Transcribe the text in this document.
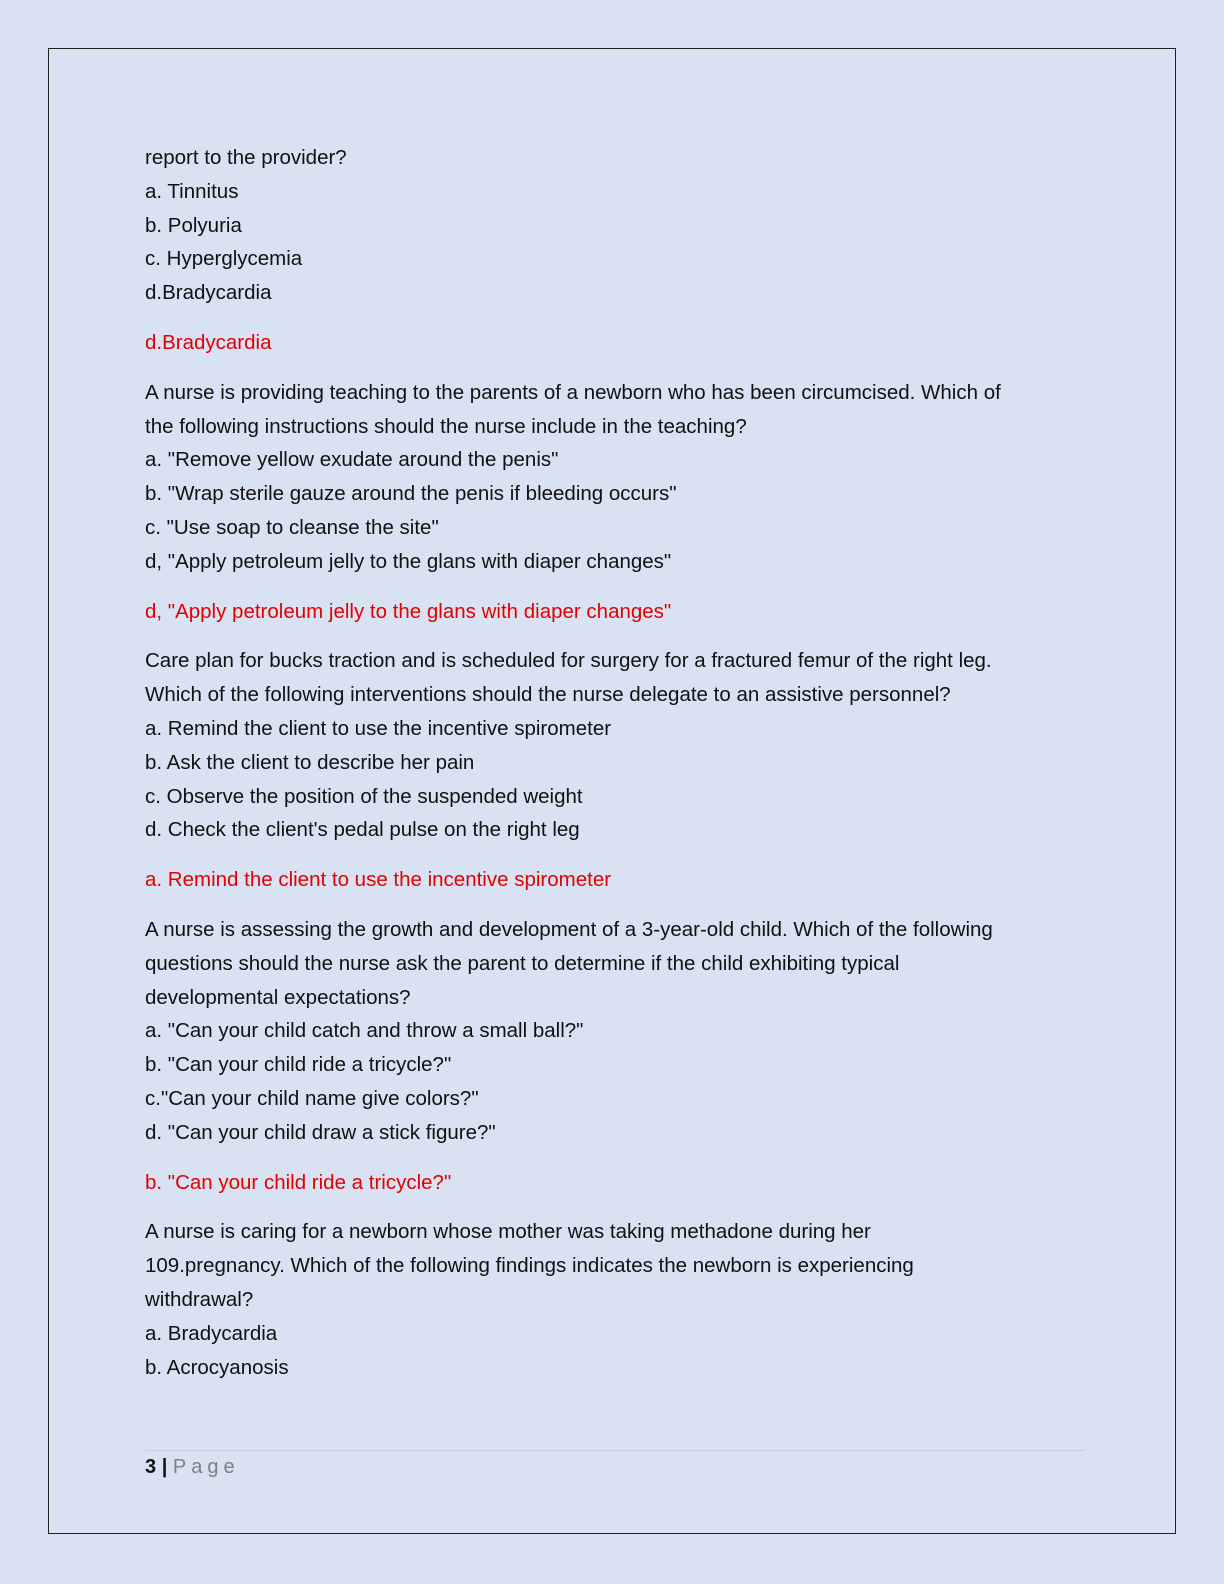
report to the provider?
a. Tinnitus
b. Polyuria
c. Hyperglycemia
d.Bradycardia
d.Bradycardia
A nurse is providing teaching to the parents of a newborn who has been circumcised. Which of
the following instructions should the nurse include in the teaching?
a. "Remove yellow exudate around the penis"
b. "Wrap sterile gauze around the penis if bleeding occurs"
c. "Use soap to cleanse the site"
d, "Apply petroleum jelly to the glans with diaper changes"
d, "Apply petroleum jelly to the glans with diaper changes"
Care plan for bucks traction and is scheduled for surgery for a fractured femur of the right leg.
Which of the following interventions should the nurse delegate to an assistive personnel?
a. Remind the client to use the incentive spirometer
b. Ask the client to describe her pain
c. Observe the position of the suspended weight
d. Check the client's pedal pulse on the right leg
a. Remind the client to use the incentive spirometer
A nurse is assessing the growth and development of a 3-year-old child. Which of the following
questions should the nurse ask the parent to determine if the child exhibiting typical
developmental expectations?
a. "Can your child catch and throw a small ball?"
b. "Can your child ride a tricycle?"
c."Can your child name give colors?"
d. "Can your child draw a stick figure?"
b. "Can your child ride a tricycle?"
A nurse is caring for a newborn whose mother was taking methadone during her
109.pregnancy. Which of the following findings indicates the newborn is experiencing
withdrawal?
a. Bradycardia
b. Acrocyanosis
3 | Page
